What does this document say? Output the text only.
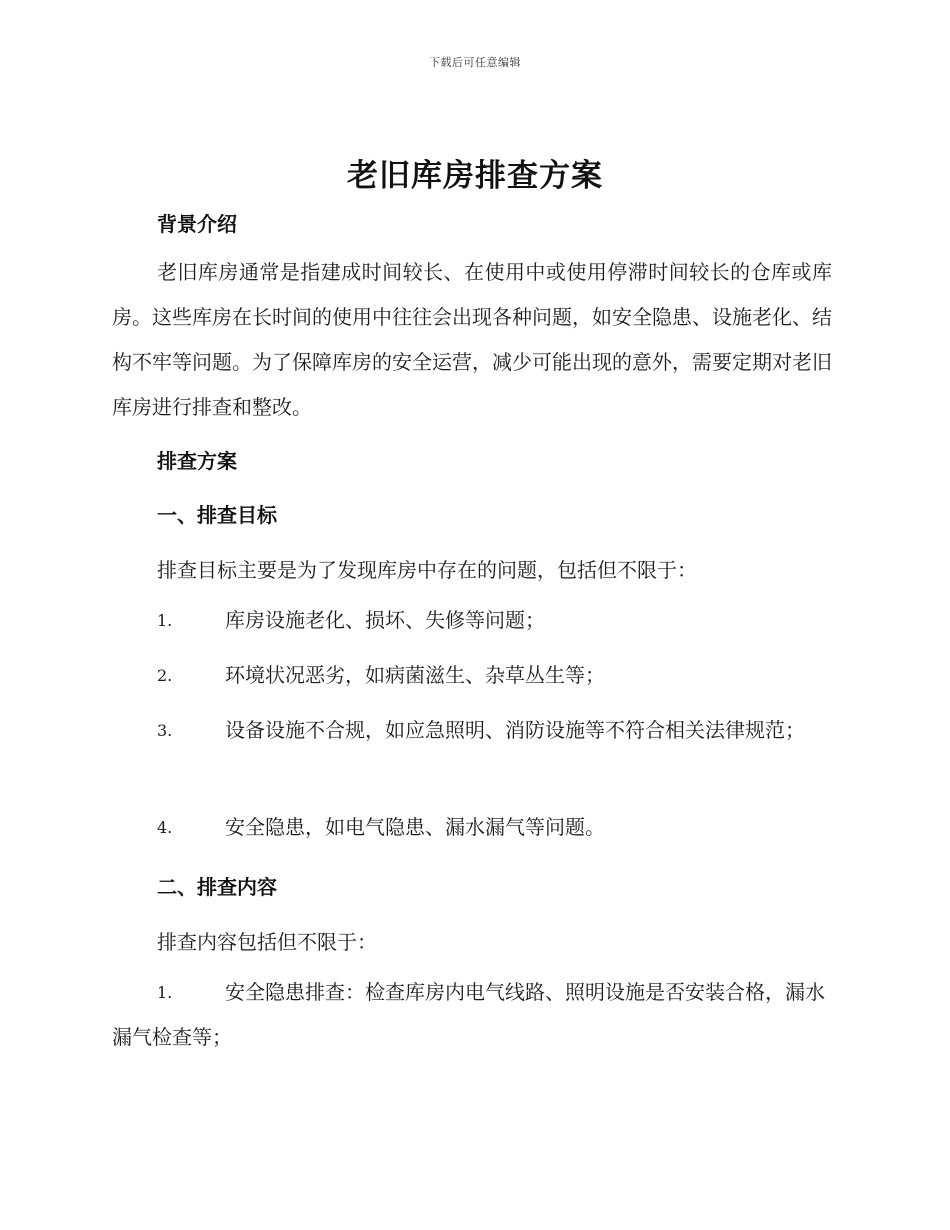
下载后可任意编辑
老旧库房排查方案
背景介绍

老旧库房通常是指建成时间较长、在使用中或使用停滞时间较长的仓库或库房。这些库房在长时间的使用中往往会出现各种问题，如安全隐患、设施老化、结构不牢等问题。为了保障库房的安全运营，减少可能出现的意外，需要定期对老旧库房进行排查和整改。

排查方案
一、排查目标
排查目标主要是为了发现库房中存在的问题，包括但不限于：
1.	库房设施老化、损坏、失修等问题；
2.	环境状况恶劣，如病菌滋生、杂草丛生等；
3.	设备设施不合规，如应急照明、消防设施等不符合相关法律规范；
4.	安全隐患，如电气隐患、漏水漏气等问题。
二、排查内容
排查内容包括但不限于：
1.	安全隐患排查：检查库房内电气线路、照明设施是否安装合格，漏水漏气检查等；
